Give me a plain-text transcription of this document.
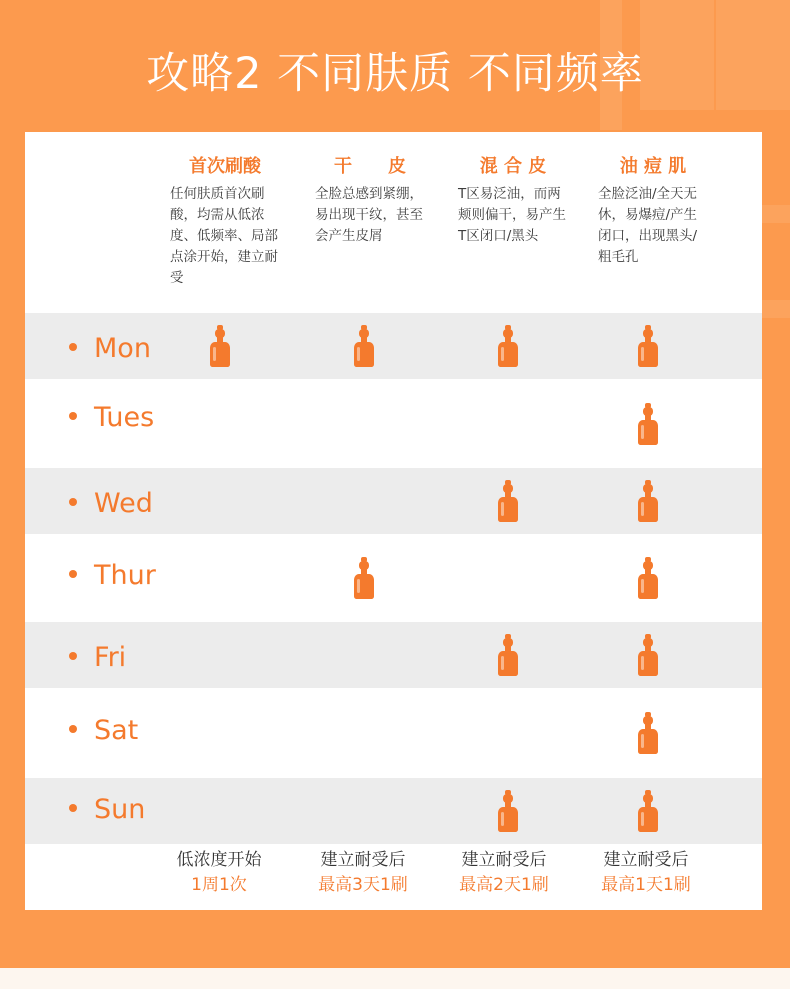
攻略2 不同肤质 不同频率
首次刷酸

任何肤质首次刷酸，均需从低浓度、低频率、局部点涂开始，建立耐受

干　　皮

全脸总感到紧绷，易出现干纹，甚至会产生皮屑

混 合 皮

T区易泛油，而两颊则偏干，易产生T区闭口/黑头

油 痘 肌

全脸泛油/全天无休，易爆痘/产生闭口，出现黑头/粗毛孔

Mon
Tues
Wed
Thur
Fri
Sat
Sun
低浓度开始
1周1次
建立耐受后
最高3天1刷
建立耐受后
最高2天1刷
建立耐受后
最高1天1刷
